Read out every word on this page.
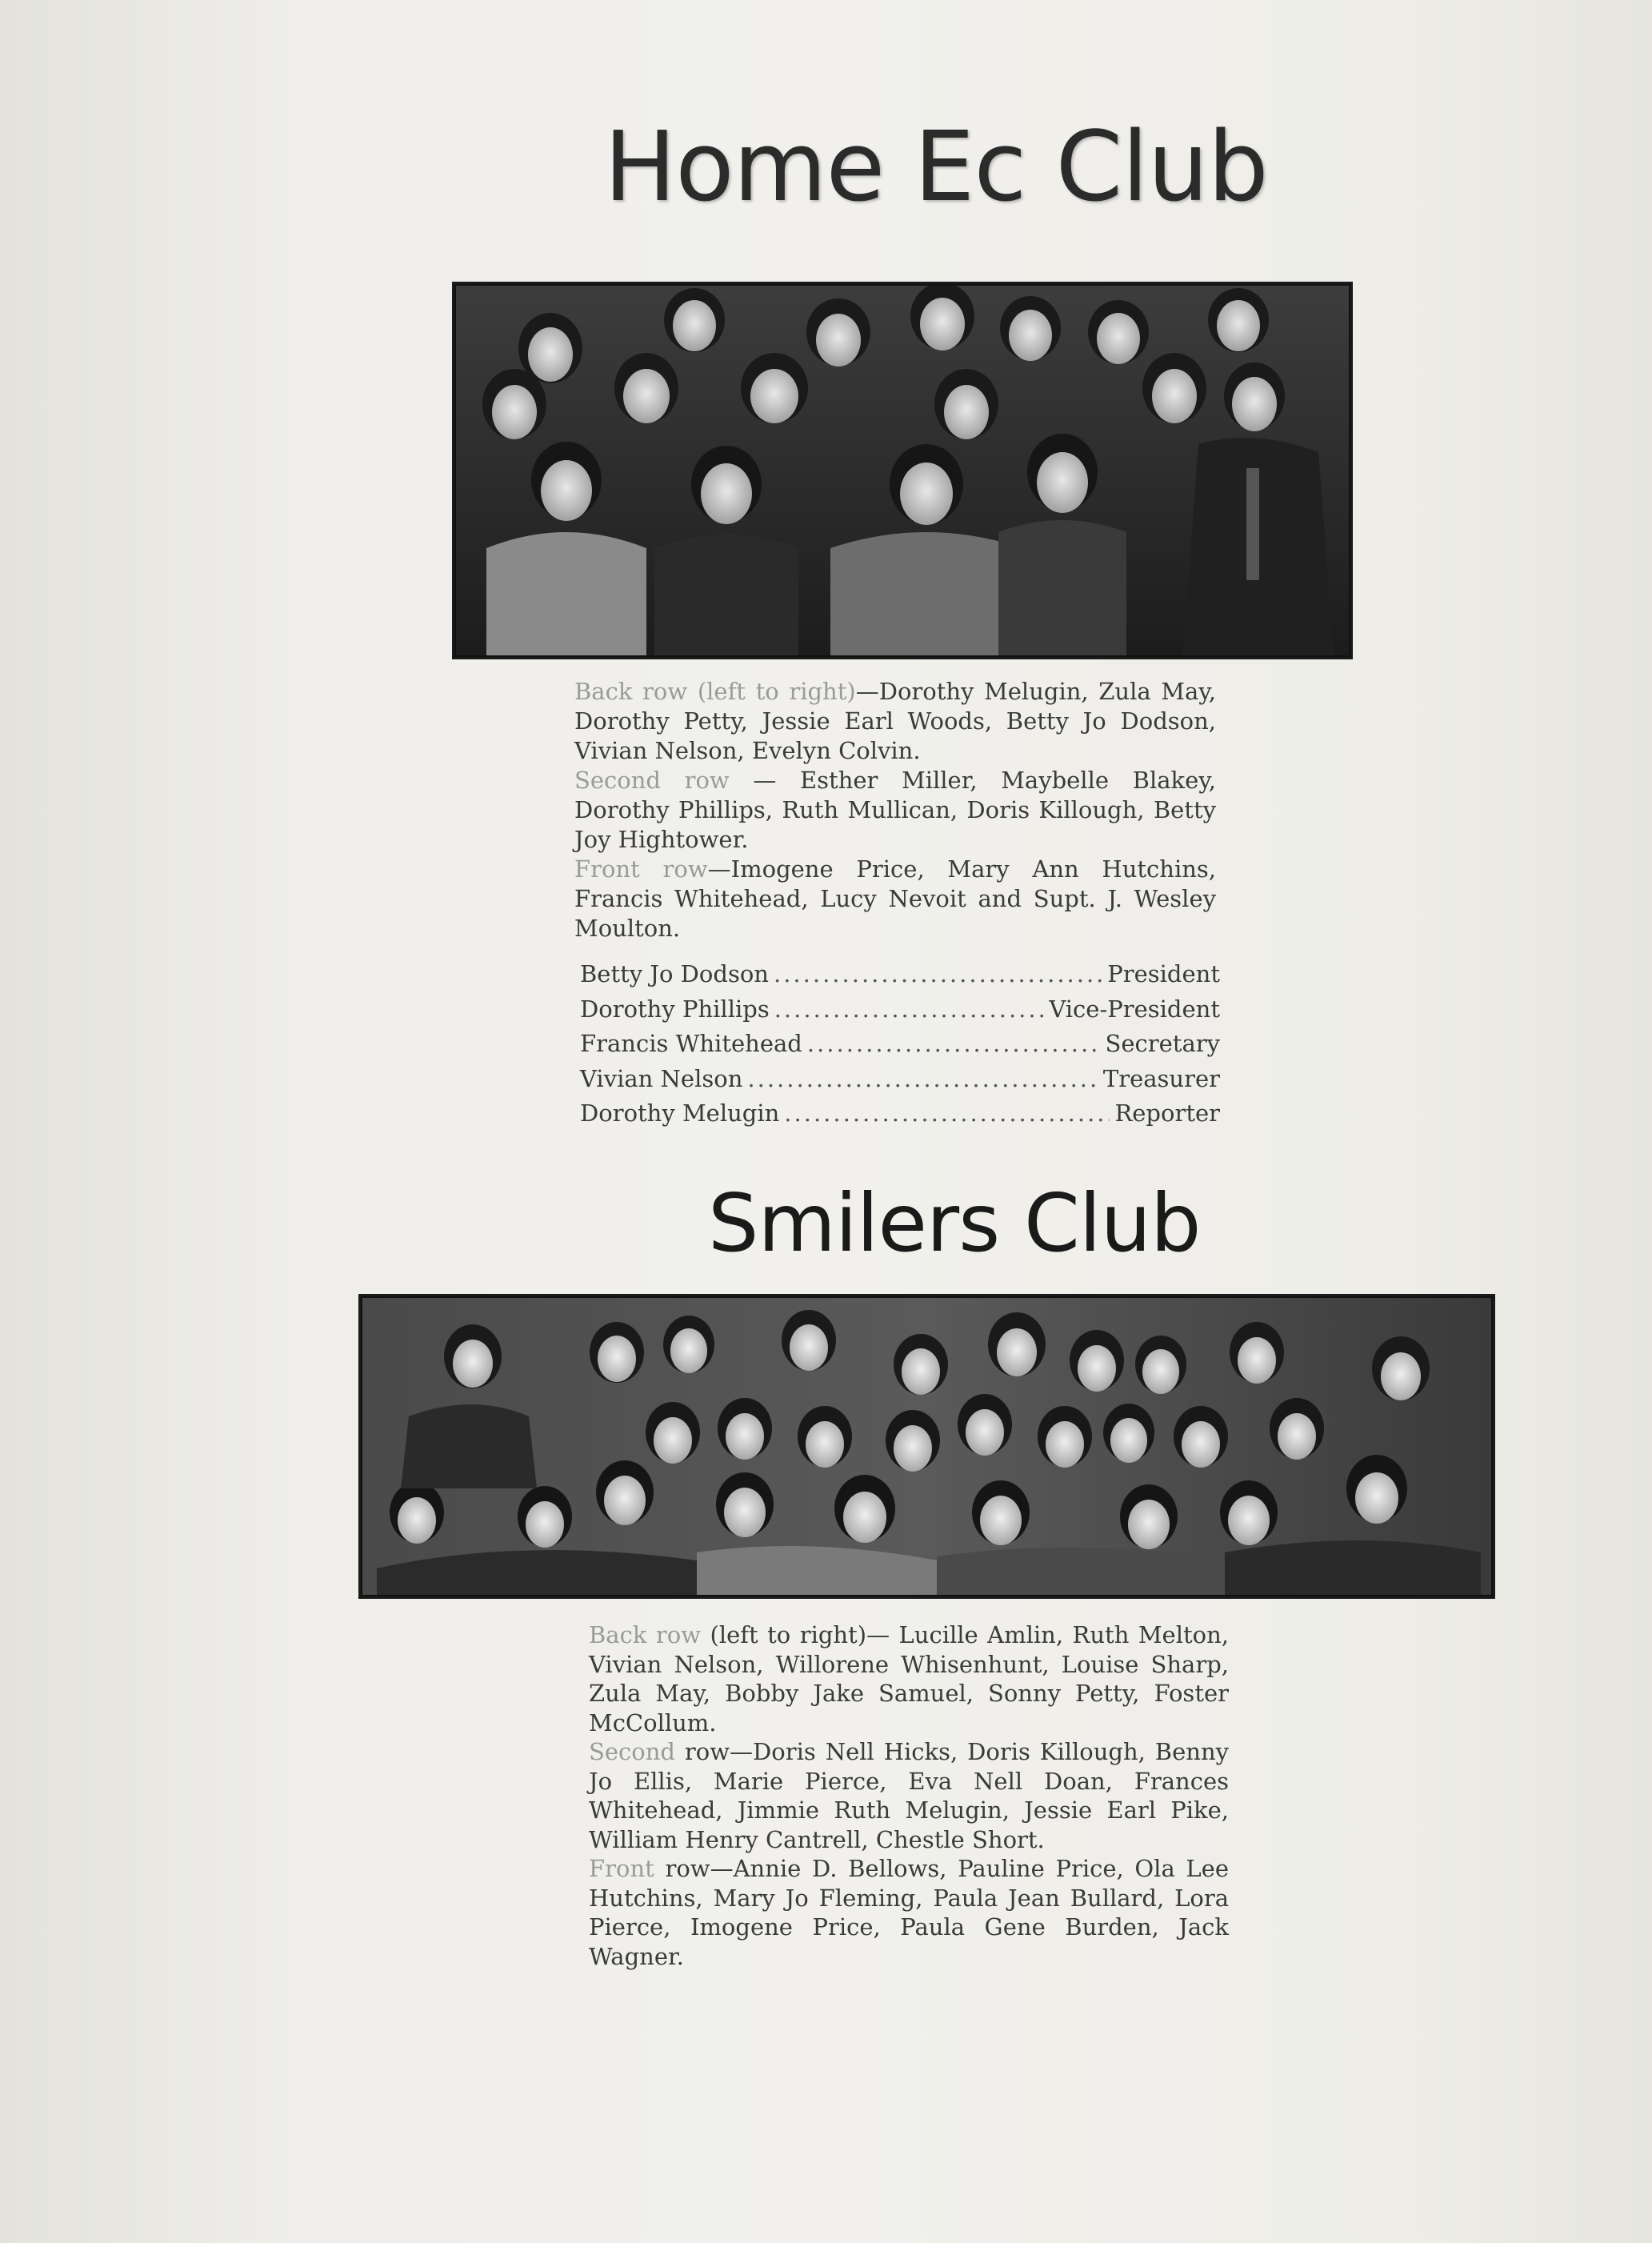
Home Ec Club

Back row (left to right)—Dorothy Melugin, Zula May, Dorothy Petty, Jessie Earl Woods, Betty Jo Dodson, Vivian Nelson, Evelyn Colvin.

Second row — Esther Miller, Maybelle Blakey, Dorothy Phillips, Ruth Mullican, Doris Killough, Betty Joy Hightower.

Front row—Imogene Price, Mary Ann Hutchins, Francis Whitehead, Lucy Nevoit and Supt. J. Wesley Moulton.

Betty Jo Dodson .....	President
Dorothy Phillips .....	Vice-President
Francis Whitehead .....	Secretary
Vivian Nelson .....	Treasurer
Dorothy Melugin .....	Reporter
Smilers Club

Back row (left to right)— Lucille Amlin, Ruth Melton, Vivian Nelson, Willorene Whisenhunt, Louise Sharp, Zula May, Bobby Jake Samuel, Sonny Petty, Foster McCollum.

Second row—Doris Nell Hicks, Doris Killough, Benny Jo Ellis, Marie Pierce, Eva Nell Doan, Frances Whitehead, Jimmie Ruth Melugin, Jessie Earl Pike, William Henry Cantrell, Chestle Short.

Front row—Annie D. Bellows, Pauline Price, Ola Lee Hutchins, Mary Jo Fleming, Paula Jean Bullard, Lora Pierce, Imogene Price, Paula Gene Burden, Jack Wagner.
